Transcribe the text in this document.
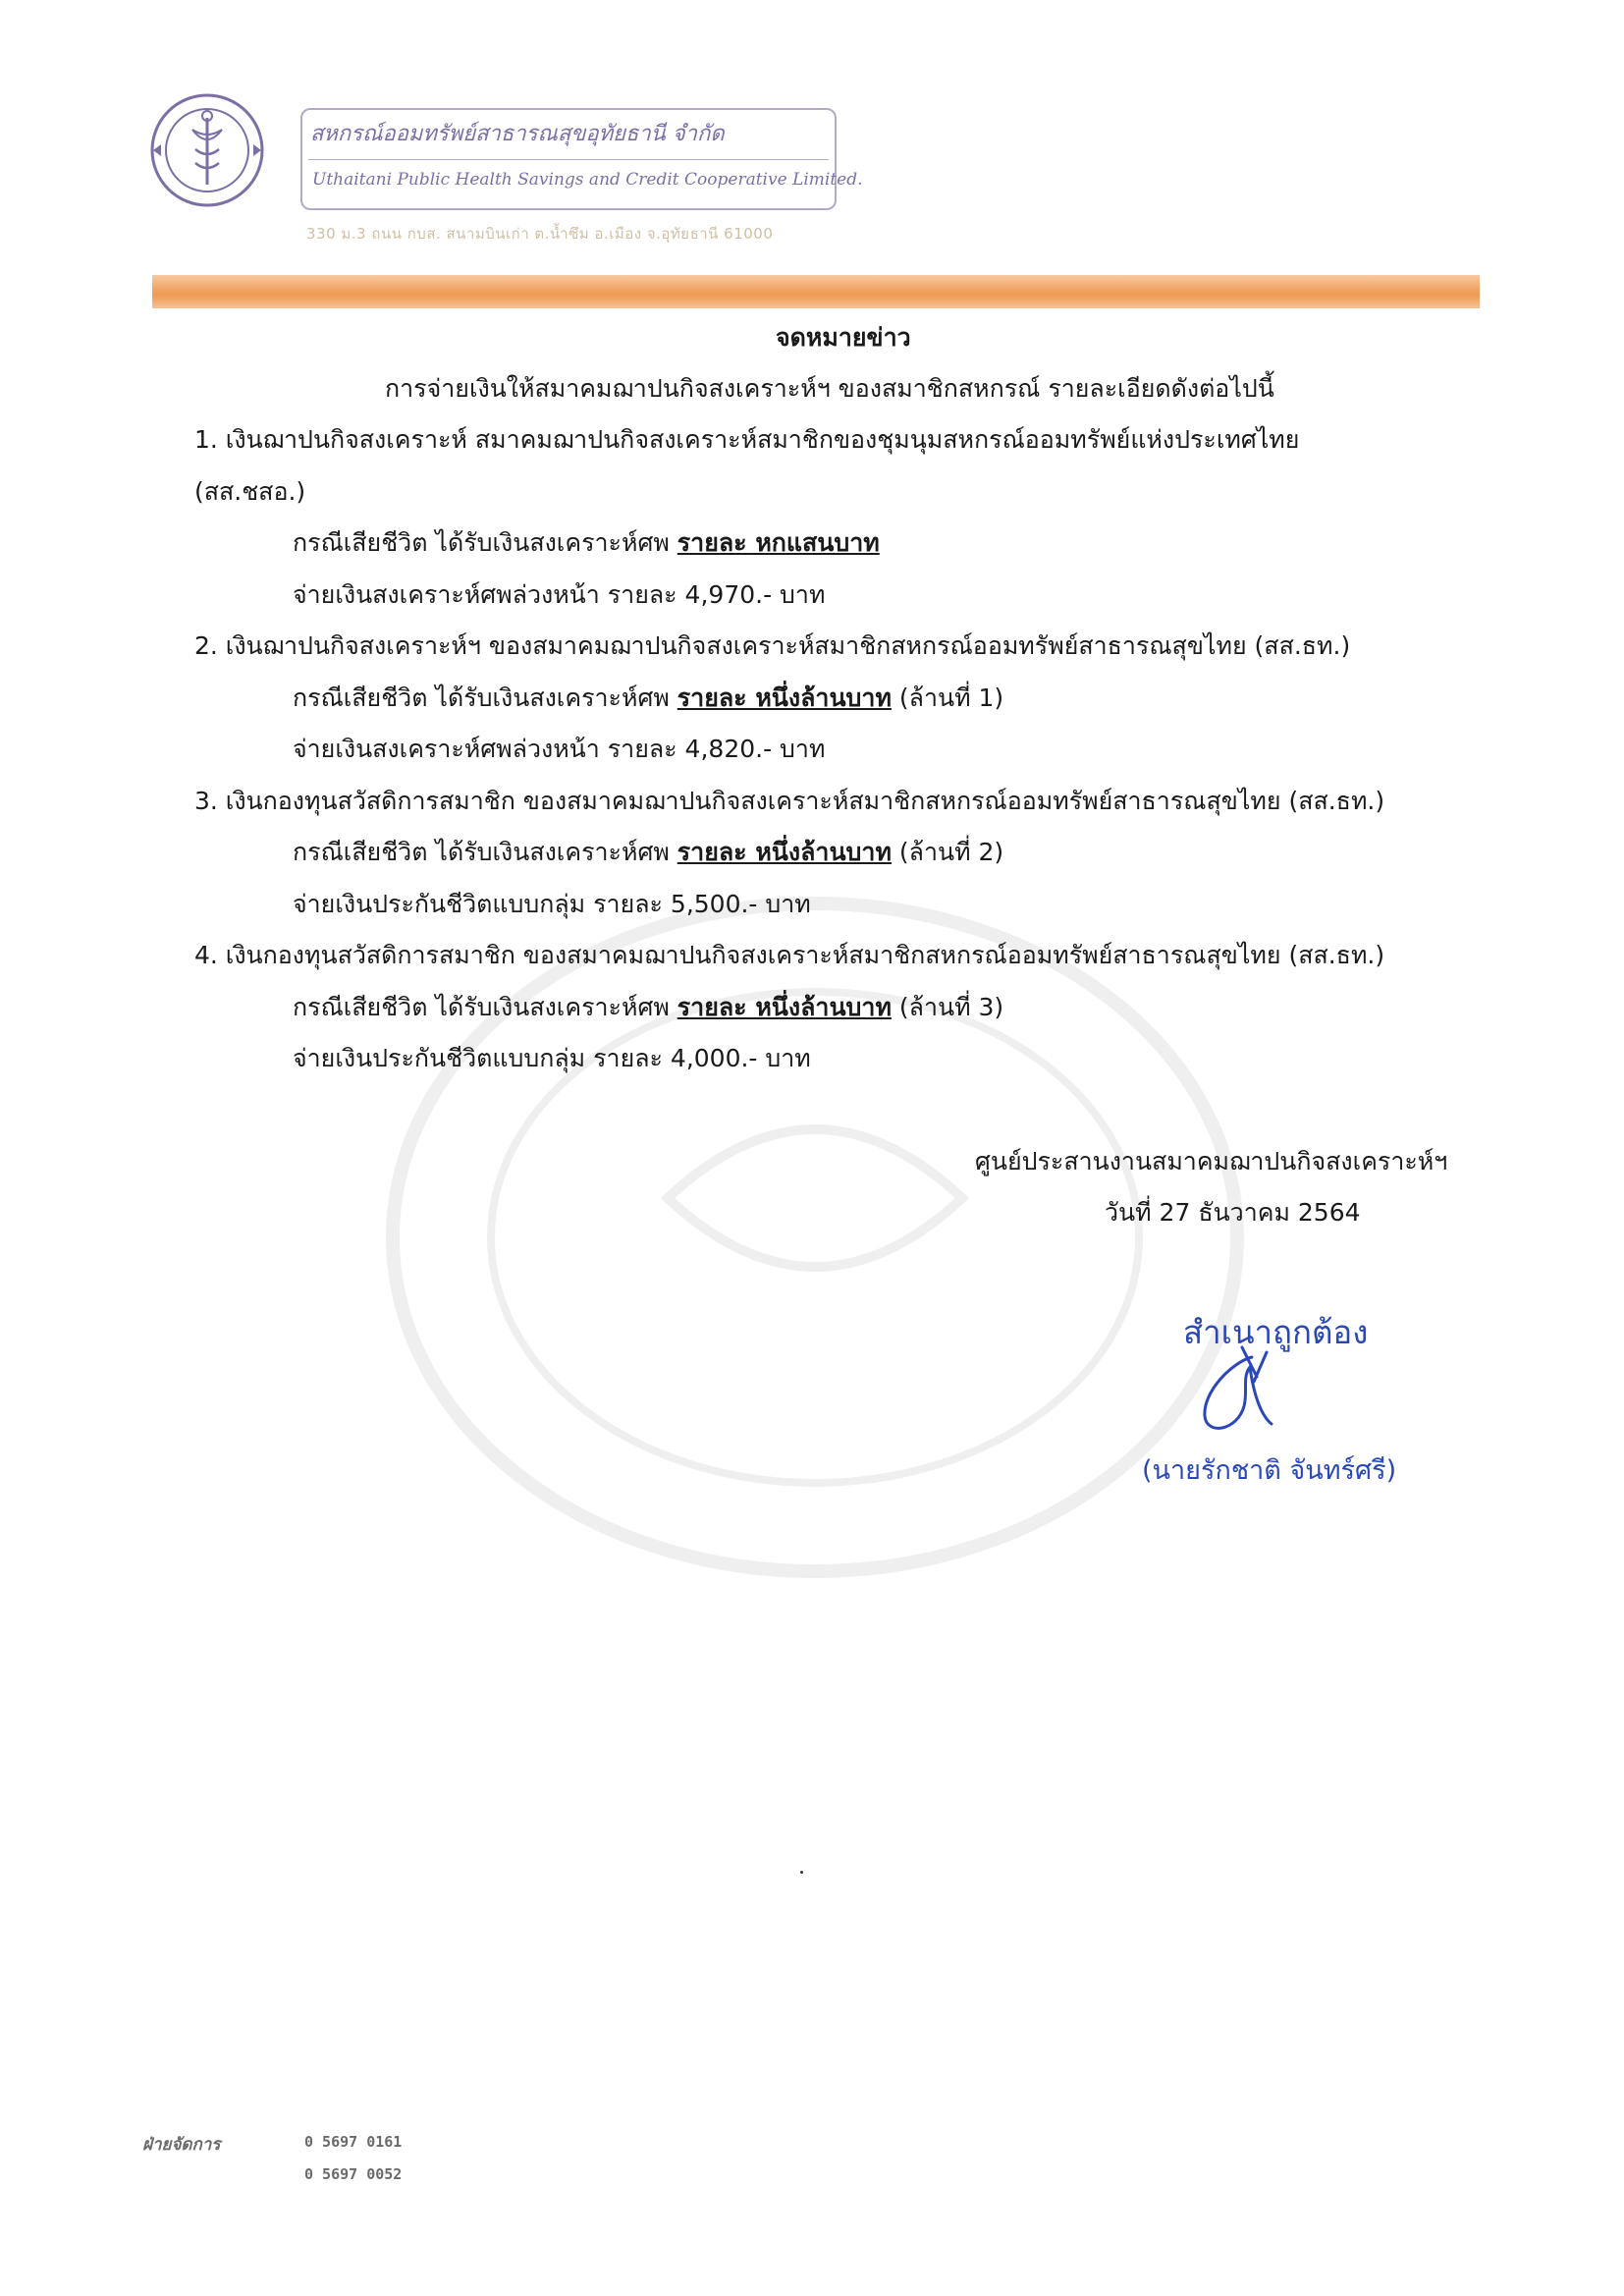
สหกรณ์ออมทรัพย์สาธารณสุขอุทัยธานี จำกัด
Uthaitani Public Health Savings and Credit Cooperative Limited.
330 ม.3 ถนน กบส. สนามบินเก่า ต.น้ำซึม อ.เมือง จ.อุทัยธานี 61000
จดหมายข่าว
การจ่ายเงินให้สมาคมฌาปนกิจสงเคราะห์ฯ ของสมาชิกสหกรณ์ รายละเอียดดังต่อไปนี้
1. เงินฌาปนกิจสงเคราะห์ สมาคมฌาปนกิจสงเคราะห์สมาชิกของชุมนุมสหกรณ์ออมทรัพย์แห่งประเทศไทย
(สส.ชสอ.)
กรณีเสียชีวิต ได้รับเงินสงเคราะห์ศพ รายละ หกแสนบาท
จ่ายเงินสงเคราะห์ศพล่วงหน้า รายละ 4,970.- บาท
2. เงินฌาปนกิจสงเคราะห์ฯ ของสมาคมฌาปนกิจสงเคราะห์สมาชิกสหกรณ์ออมทรัพย์สาธารณสุขไทย (สส.ธท.)
กรณีเสียชีวิต ได้รับเงินสงเคราะห์ศพ รายละ หนึ่งล้านบาท (ล้านที่ 1)
จ่ายเงินสงเคราะห์ศพล่วงหน้า รายละ 4,820.- บาท
3. เงินกองทุนสวัสดิการสมาชิก ของสมาคมฌาปนกิจสงเคราะห์สมาชิกสหกรณ์ออมทรัพย์สาธารณสุขไทย (สส.ธท.)
กรณีเสียชีวิต ได้รับเงินสงเคราะห์ศพ รายละ หนึ่งล้านบาท (ล้านที่ 2)
จ่ายเงินประกันชีวิตแบบกลุ่ม รายละ 5,500.- บาท
4. เงินกองทุนสวัสดิการสมาชิก ของสมาคมฌาปนกิจสงเคราะห์สมาชิกสหกรณ์ออมทรัพย์สาธารณสุขไทย (สส.ธท.)
กรณีเสียชีวิต ได้รับเงินสงเคราะห์ศพ รายละ หนึ่งล้านบาท (ล้านที่ 3)
จ่ายเงินประกันชีวิตแบบกลุ่ม รายละ 4,000.- บาท
ศูนย์ประสานงานสมาคมฌาปนกิจสงเคราะห์ฯ
วันที่ 27 ธันวาคม 2564
สำเนาถูกต้อง
(นายรักชาติ จันทร์ศรี)
ฝ่ายจัดการ	0 5697 0161
0 5697 0052
